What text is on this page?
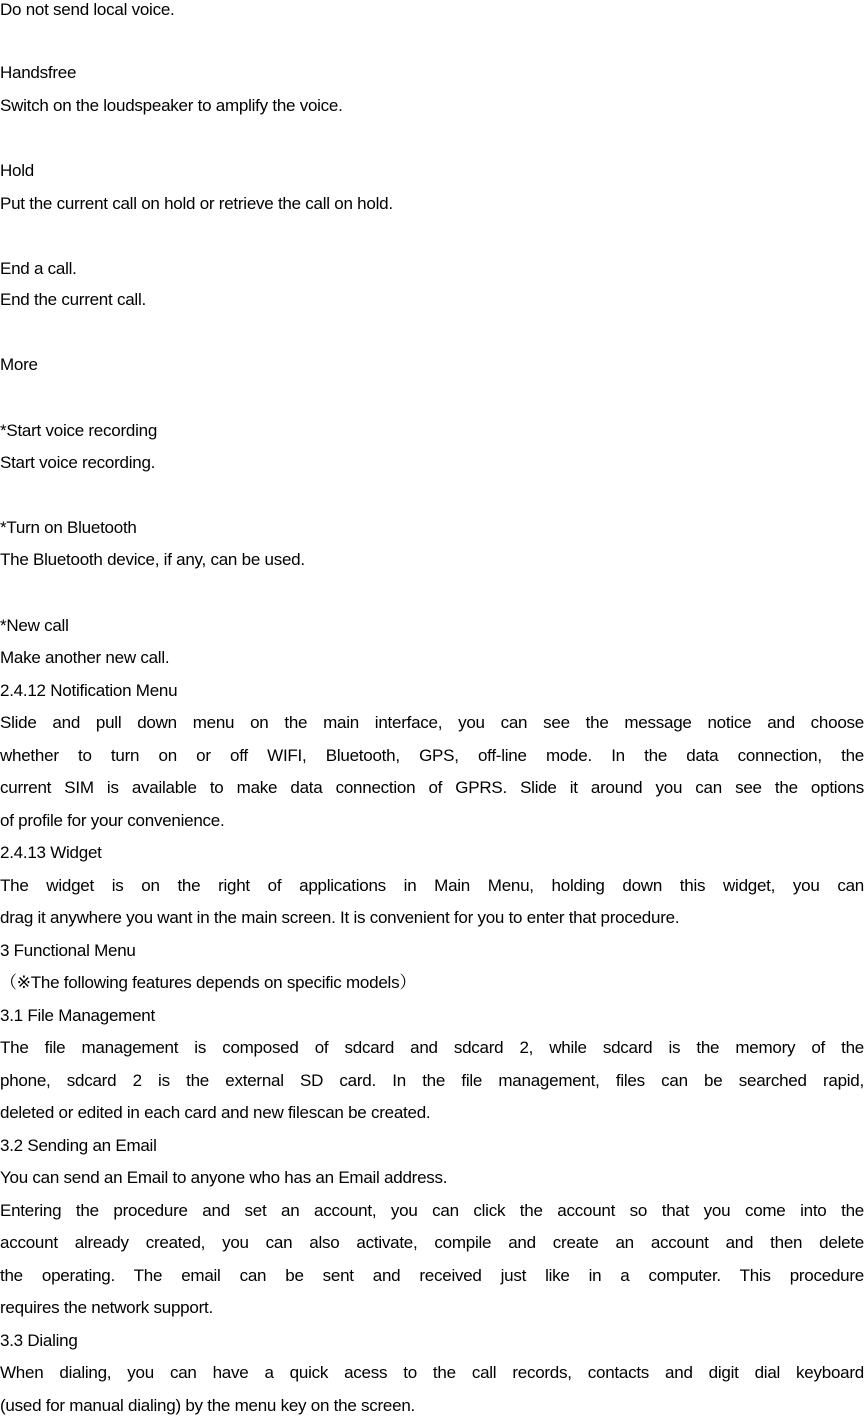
Do not send local voice.
Handsfree
Switch on the loudspeaker to amplify the voice.
Hold
Put the current call on hold or retrieve the call on hold.
End a call.
End the current call.
More
*Start voice recording
Start voice recording.
*Turn on Bluetooth
The Bluetooth device, if any, can be used.
*New call
Make another new call.
2.4.12 Notification Menu
Slide and pull down menu on the main interface, you can see the message notice and choose
whether to turn on or off WIFI, Bluetooth, GPS, off-line mode. In the data connection, the
current SIM is available to make data connection of GPRS. Slide it around you can see the options
of profile for your convenience.
2.4.13 Widget
The widget is on the right of applications in Main Menu, holding down this widget, you can
drag it anywhere you want in the main screen. It is convenient for you to enter that procedure.
3 Functional Menu
（※The following features depends on specific models）
3.1 File Management
The file management is composed of sdcard and sdcard 2, while sdcard is the memory of the
phone, sdcard 2 is the external SD card. In the file management, files can be searched rapid,
deleted or edited in each card and new filescan be created.
3.2 Sending an Email
You can send an Email to anyone who has an Email address.
Entering the procedure and set an account, you can click the account so that you come into the
account already created, you can also activate, compile and create an account and then delete
the operating. The email can be sent and received just like in a computer. This procedure
requires the network support.
3.3 Dialing
When dialing, you can have a quick acess to the call records, contacts and digit dial keyboard
(used for manual dialing) by the menu key on the screen.
